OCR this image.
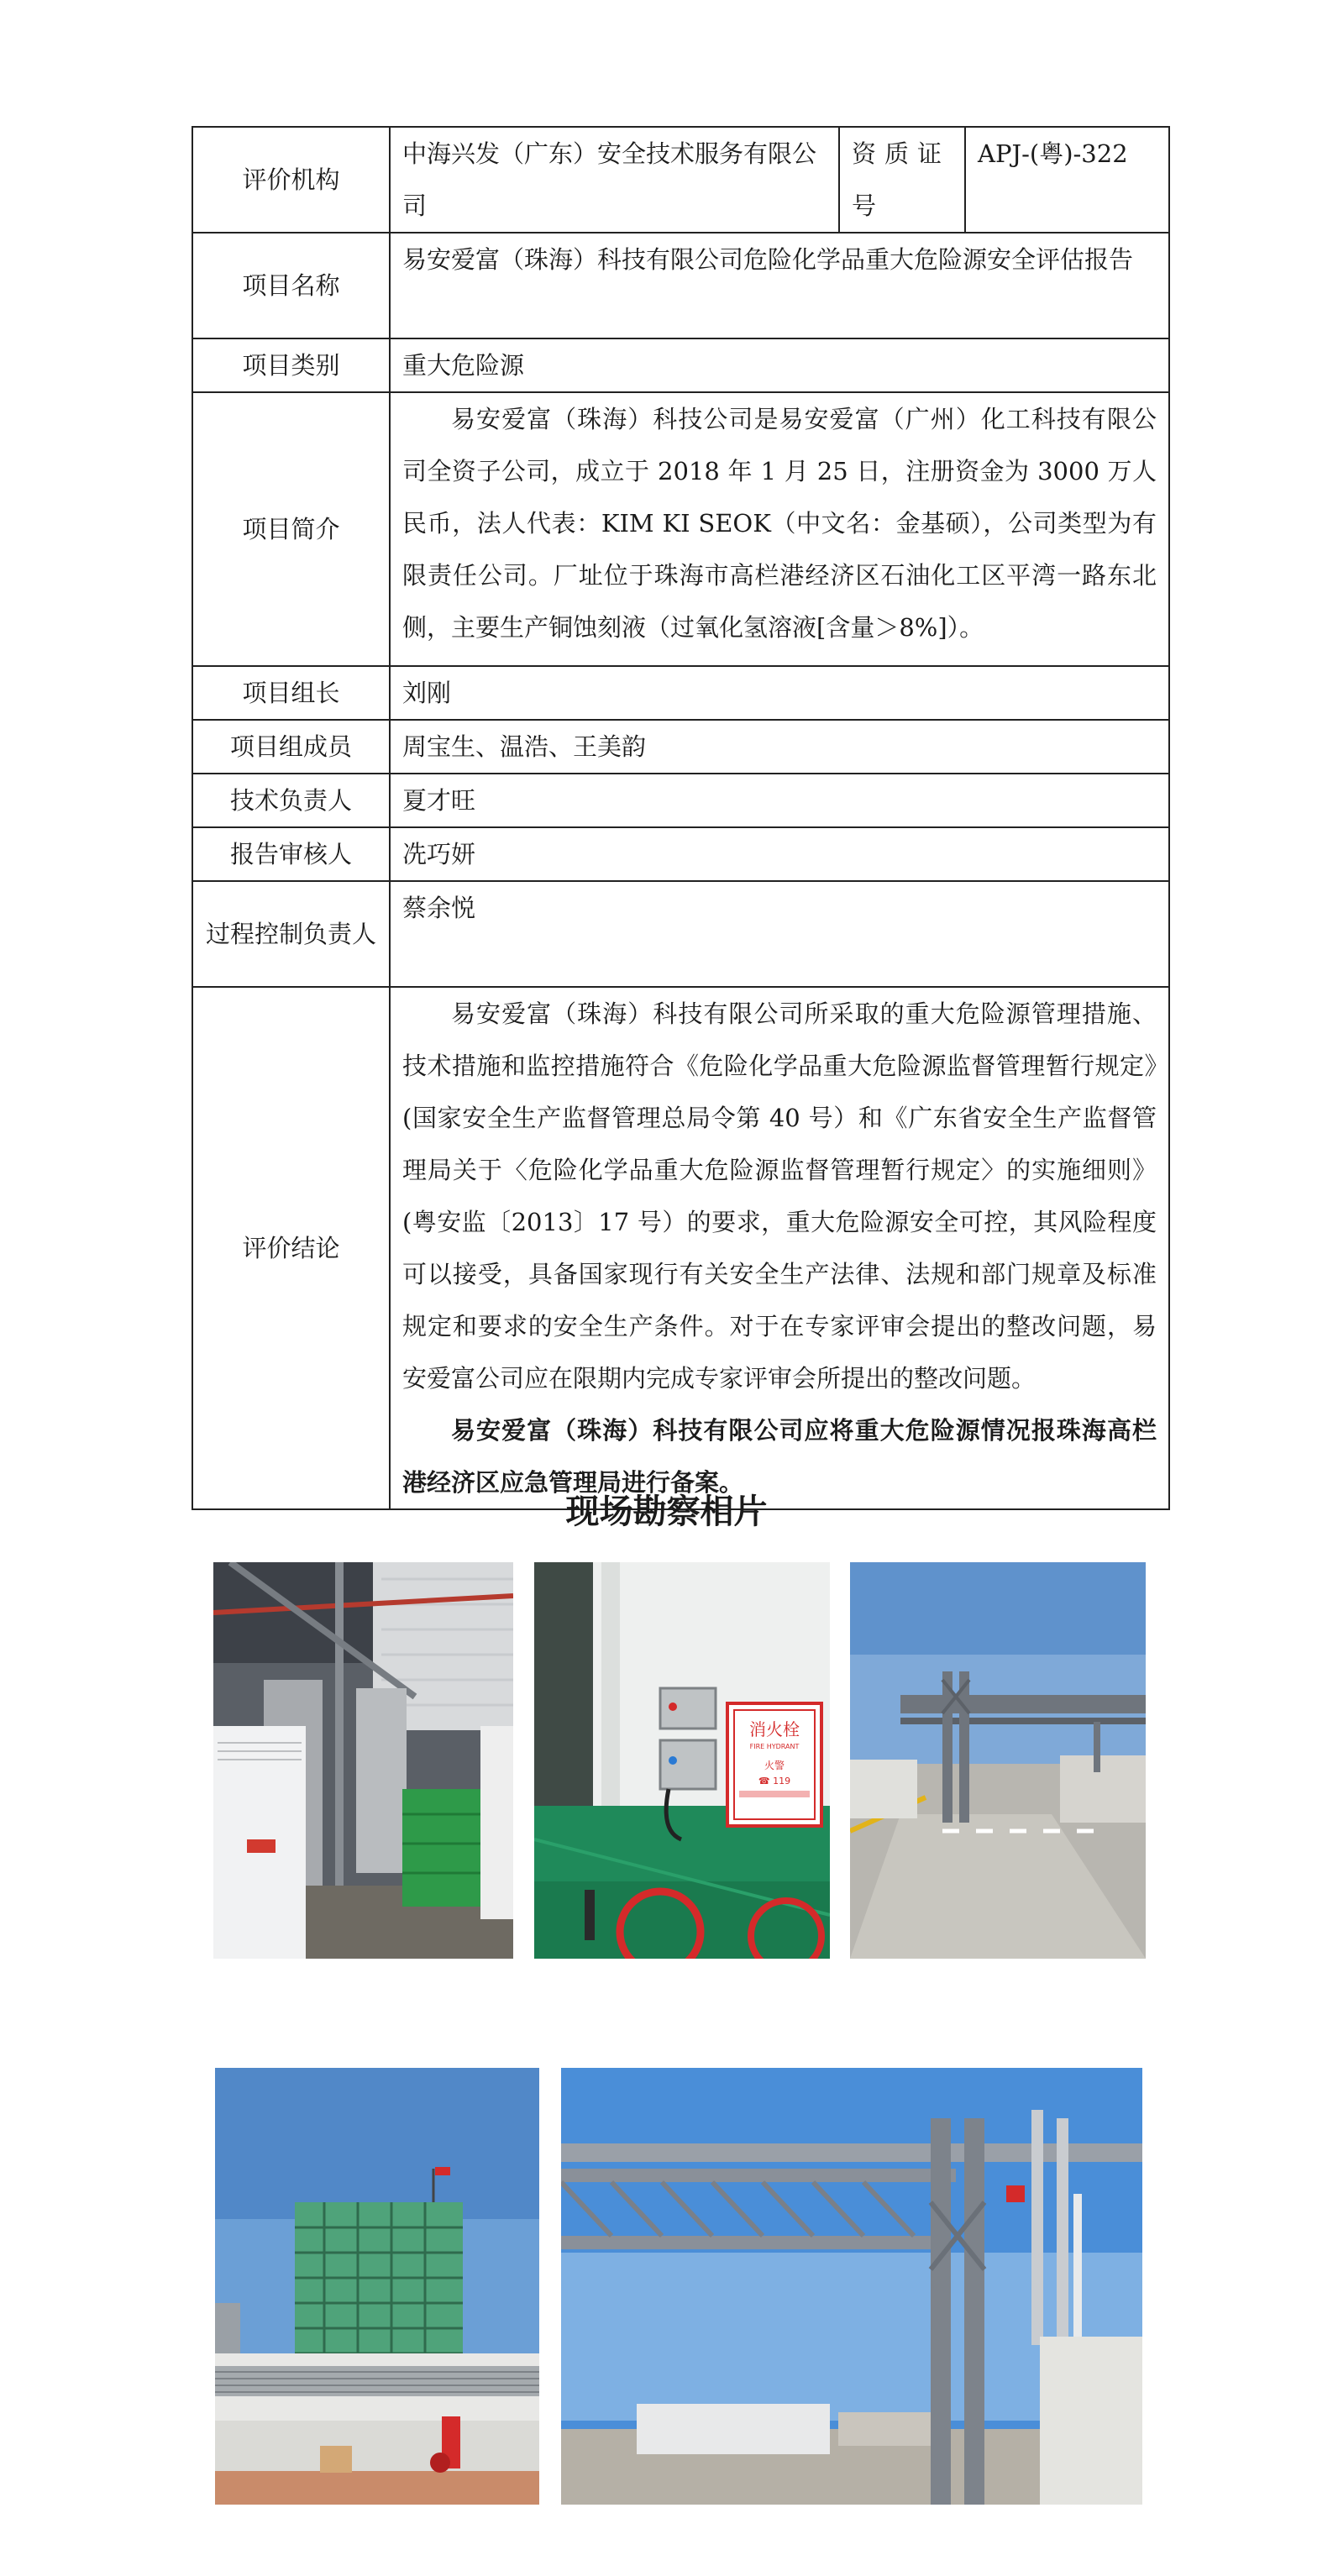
评价机构	中海兴发（广东）安全技术服务有限公司	资质证号	APJ-(粤)-322
项目名称	易安爱富（珠海）科技有限公司危险化学品重大危险源安全评估报告		
项目类别	重大危险源		
项目简介	易安爱富（珠海）科技公司是易安爱富（广州）化工科技有限公司全资子公司，成立于 2018 年 1 月 25 日，注册资金为 3000 万人民币，法人代表：KIM KI SEOK（中文名：金基硕），公司类型为有限责任公司。厂址位于珠海市高栏港经济区石油化工区平湾一路东北侧，主要生产铜蚀刻液（过氧化氢溶液[含量＞8%]）。		

项目组长	刘刚		
项目组成员	周宝生、温浩、王美韵		
技术负责人	夏才旺		
报告审核人	冼巧妍		
过程控制负责人	蔡余悦		
评价结论	易安爱富（珠海）科技有限公司所采取的重大危险源管理措施、技术措施和监控措施符合《危险化学品重大危险源监督管理暂行规定》(国家安全生产监督管理总局令第 40 号）和《广东省安全生产监督管理局关于〈危险化学品重大危险源监督管理暂行规定〉的实施细则》(粤安监〔2013〕17 号）的要求，重大危险源安全可控，其风险程度可以接受，具备国家现行有关安全生产法律、法规和部门规章及标准规定和要求的安全生产条件。对于在专家评审会提出的整改问题，易安爱富公司应在限期内完成专家评审会所提出的整改问题。

易安爱富（珠海）科技有限公司应将重大危险源情况报珠海高栏港经济区应急管理局进行备案。		

现场勘察相片
消火栓
FIRE HYDRANT
火警
☎ 119
